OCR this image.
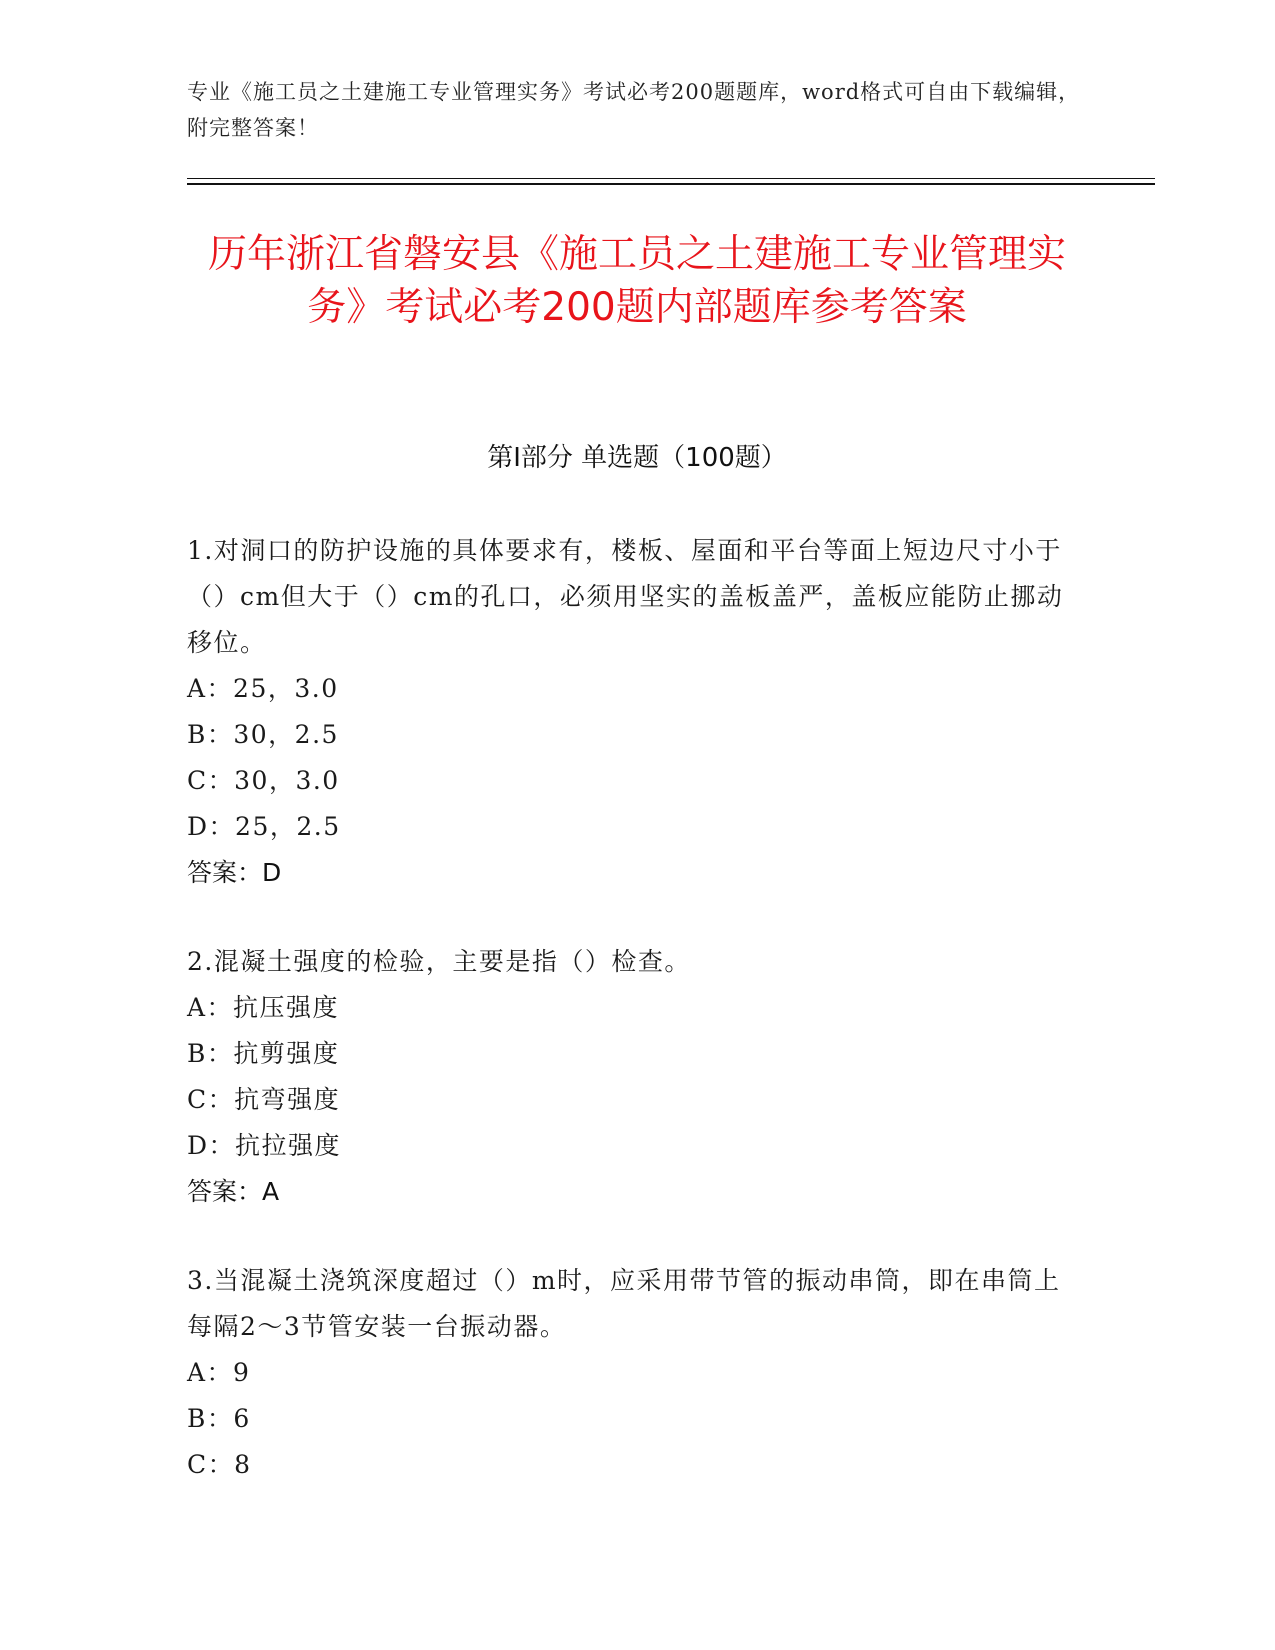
专业《施工员之土建施工专业管理实务》考试必考200题题库，word格式可自由下载编辑，附完整答案！
历年浙江省磐安县《施工员之土建施工专业管理实务》考试必考200题内部题库参考答案
第I部分 单选题（100题）

1.对洞口的防护设施的具体要求有，楼板、屋面和平台等面上短边尺寸小于（）cm但大于（）cm的孔口，必须用坚实的盖板盖严，盖板应能防止挪动移位。

A：25，3.0

B：30，2.5

C：30，3.0

D：25，2.5

答案：D

2.混凝土强度的检验，主要是指（）检查。

A：抗压强度

B：抗剪强度

C：抗弯强度

D：抗拉强度

答案：A

3.当混凝土浇筑深度超过（）m时，应采用带节管的振动串筒，即在串筒上每隔2～3节管安装一台振动器。

A：9

B：6

C：8
